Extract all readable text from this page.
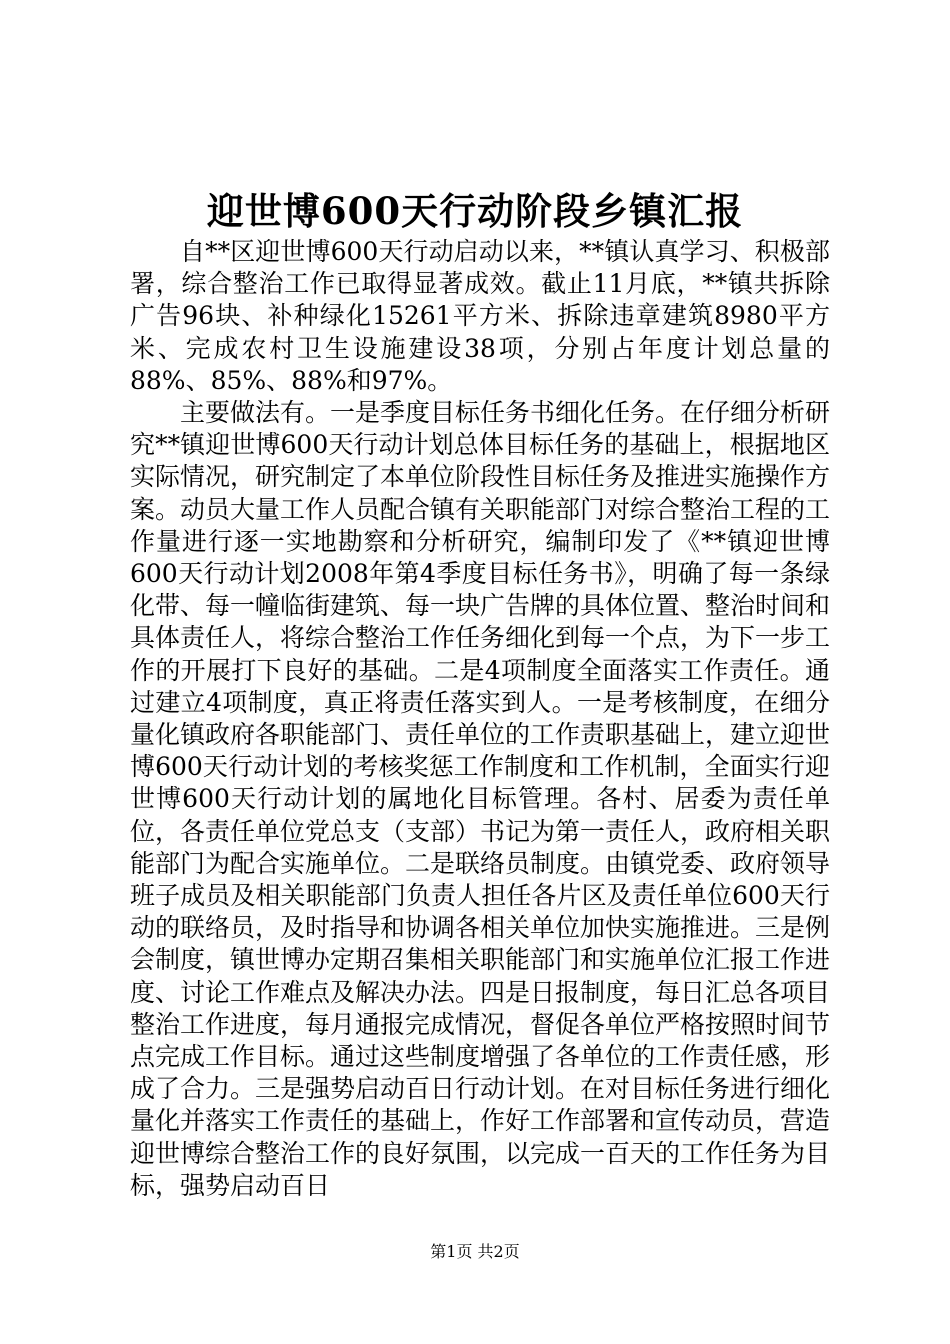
迎世博600天行动阶段乡镇汇报

自**区迎世博600天行动启动以来，**镇认真学习、积极部署，综合整治工作已取得显著成效。截止11月底，**镇共拆除广告96块、补种绿化15261平方米、拆除违章建筑8980平方米、完成农村卫生设施建设38项，分别占年度计划总量的88%、85%、88%和97%。

主要做法有。一是季度目标任务书细化任务。在仔细分析研究**镇迎世博600天行动计划总体目标任务的基础上，根据地区实际情况，研究制定了本单位阶段性目标任务及推进实施操作方案。动员大量工作人员配合镇有关职能部门对综合整治工程的工作量进行逐一实地勘察和分析研究，编制印发了《**镇迎世博600天行动计划2008年第4季度目标任务书》，明确了每一条绿化带、每一幢临街建筑、每一块广告牌的具体位置、整治时间和具体责任人，将综合整治工作任务细化到每一个点，为下一步工作的开展打下良好的基础。二是4项制度全面落实工作责任。通过建立4项制度，真正将责任落实到人。一是考核制度，在细分量化镇政府各职能部门、责任单位的工作责职基础上，建立迎世博600天行动计划的考核奖惩工作制度和工作机制，全面实行迎世博600天行动计划的属地化目标管理。各村、居委为责任单位，各责任单位党总支（支部）书记为第一责任人，政府相关职能部门为配合实施单位。二是联络员制度。由镇党委、政府领导班子成员及相关职能部门负责人担任各片区及责任单位600天行动的联络员，及时指导和协调各相关单位加快实施推进。三是例会制度，镇世博办定期召集相关职能部门和实施单位汇报工作进度、讨论工作难点及解决办法。四是日报制度，每日汇总各项目整治工作进度，每月通报完成情况，督促各单位严格按照时间节点完成工作目标。通过这些制度增强了各单位的工作责任感，形成了合力。三是强势启动百日行动计划。在对目标任务进行细化量化并落实工作责任的基础上，作好工作部署和宣传动员，营造迎世博综合整治工作的良好氛围，以完成一百天的工作任务为目标，强势启动百日

第1页 共2页
